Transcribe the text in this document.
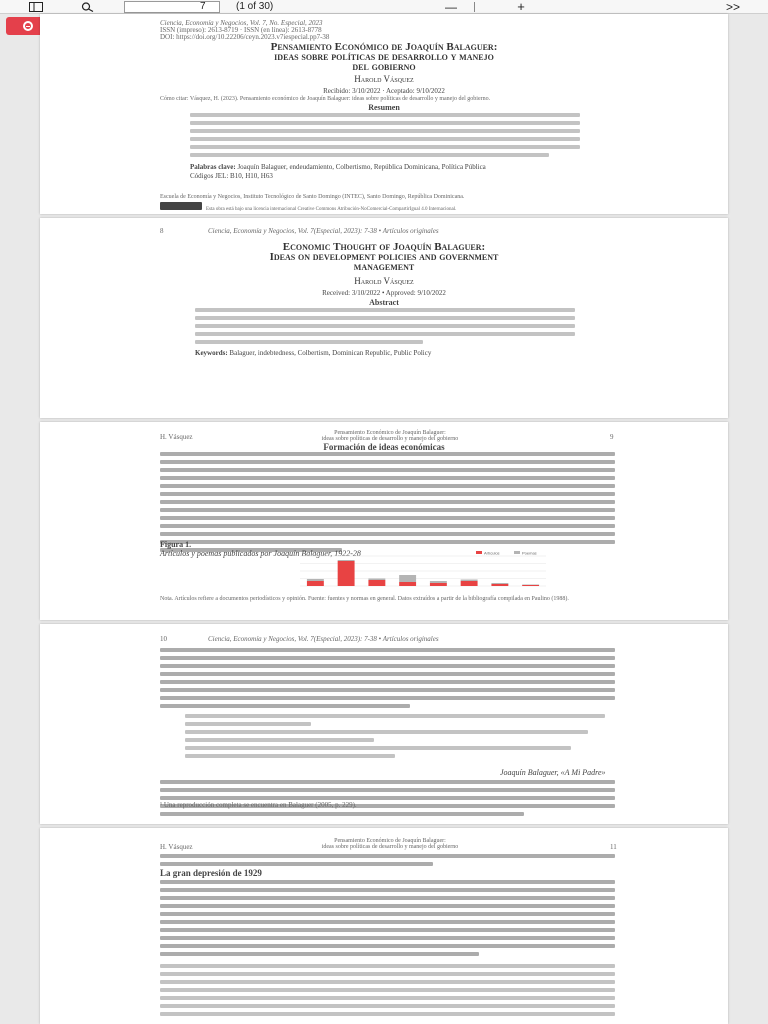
7	(1 of 30)	—	+	>>
Ciencia, Economía y Negocios, Vol. 7, No. Especial, 2023
ISSN (impreso): 2613-8719 · ISSN (en línea): 2613-8778
DOI: https://doi.org/10.22206/ceyn.2023.v7iespecial.pp7-38
Pensamiento Económico de Joaquín Balaguer:
ideas sobre políticas de desarrollo y manejo
del gobierno
Harold Vásquez
Recibido: 3/10/2022 · Aceptado: 9/10/2022
Cómo citar: Vásquez, H. (2023). Pensamiento económico de Joaquín Balaguer: ideas sobre políticas de desarrollo y manejo del gobierno.
Resumen
Palabras clave: Joaquín Balaguer, endeudamiento, Colbertismo, República Dominicana, Política Pública
Códigos JEL: B10, H10, H63
Escuela de Economía y Negocios, Instituto Tecnológico de Santo Domingo (INTEC), Santo Domingo, República Dominicana.
Esta obra está bajo una licencia internacional Creative Commons Atribución-NoComercial-CompartirIgual 4.0 Internacional.
8	Ciencia, Economía y Negocios, Vol. 7(Especial, 2023): 7-38 • Artículos originales
Economic Thought of Joaquín Balaguer:
Ideas on development policies and government
management
Harold Vásquez
Received: 3/10/2022 • Approved: 9/10/2022
Abstract
Keywords: Balaguer, indebtedness, Colbertism, Dominican Republic, Public Policy
H. Vásquez	Pensamiento Económico de Joaquín Balaguer:
ideas sobre políticas de desarrollo y manejo del gobierno	9
Formación de ideas económicas
Figura 1.
Artículos y poemas publicados por Joaquín Balaguer, 1922-28	Artículos	Poemas
Nota. Artículos refiere a documentos periodísticos y opinión. Fuente: fuentes y normas en general. Datos extraídos a partir de la bibliografía compilada en Paulino (1988).
10	Ciencia, Economía y Negocios, Vol. 7(Especial, 2023): 7-38 • Artículos originales
Joaquín Balaguer, «A Mi Padre»
¹ Una reproducción completa se encuentra en Balaguer (2005, p. 229).
H. Vásquez
Pensamiento Económico de Joaquín Balaguer:
ideas sobre políticas de desarrollo y manejo del gobierno	11
La gran depresión de 1929
